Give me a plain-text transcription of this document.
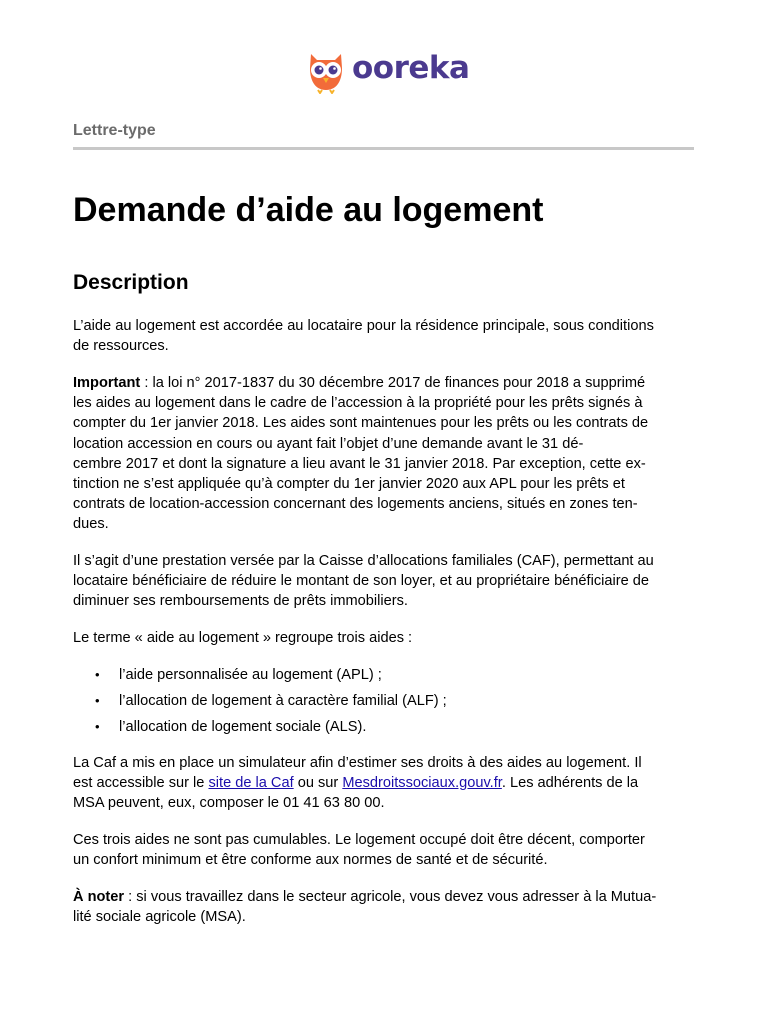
ooreka
Lettre-type
Demande d’aide au logement
Description

L’aide au logement est accordée au locataire pour la résidence principale, sous conditions
de ressources.

Important : la loi n° 2017-1837 du 30 décembre 2017 de finances pour 2018 a supprimé
les aides au logement dans le cadre de l’accession à la propriété pour les prêts signés à
compter du 1er janvier 2018. Les aides sont maintenues pour les prêts ou les contrats de
location accession en cours ou ayant fait l’objet d’une demande avant le 31 dé-
cembre 2017 et dont la signature a lieu avant le 31 janvier 2018. Par exception, cette ex-
tinction ne s’est appliquée qu’à compter du 1er janvier 2020 aux APL pour les prêts et
contrats de location-accession concernant des logements anciens, situés en zones ten-
dues.

Il s’agit d’une prestation versée par la Caisse d’allocations familiales (CAF), permettant au
locataire bénéficiaire de réduire le montant de son loyer, et au propriétaire bénéficiaire de
diminuer ses remboursements de prêts immobiliers.

Le terme « aide au logement » regroupe trois aides :

• l’aide personnalisée au logement (APL) ;
• l’allocation de logement à caractère familial (ALF) ;
• l’allocation de logement sociale (ALS).

La Caf a mis en place un simulateur afin d’estimer ses droits à des aides au logement. Il
est accessible sur le site de la Caf ou sur Mesdroitssociaux.gouv.fr. Les adhérents de la
MSA peuvent, eux, composer le 01 41 63 80 00.

Ces trois aides ne sont pas cumulables. Le logement occupé doit être décent, comporter
un confort minimum et être conforme aux normes de santé et de sécurité.

À noter : si vous travaillez dans le secteur agricole, vous devez vous adresser à la Mutua-
lité sociale agricole (MSA).
